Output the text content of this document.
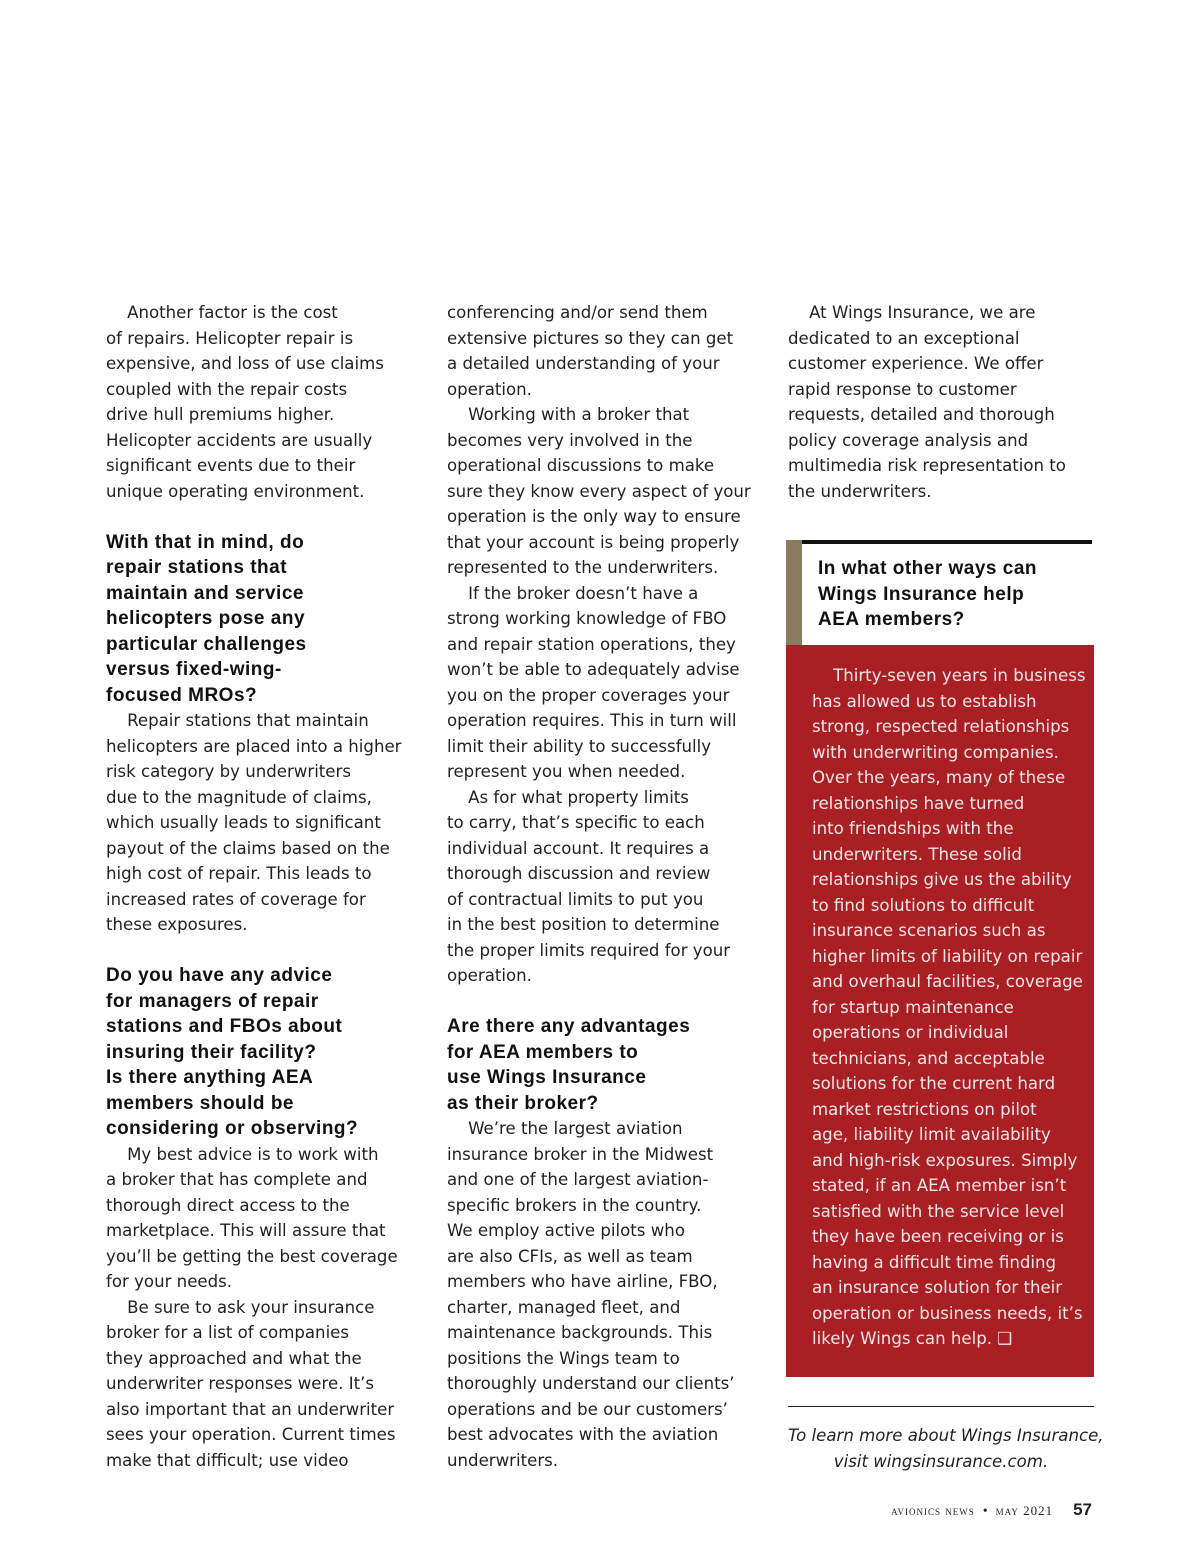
Another factor is the cost
of repairs. Helicopter repair is
expensive, and loss of use claims
coupled with the repair costs
drive hull premiums higher.
Helicopter accidents are usually
significant events due to their
unique operating environment.

With that in mind, do
repair stations that
maintain and service
helicopters pose any
particular challenges
versus fixed-wing-
focused MROs?

Repair stations that maintain
helicopters are placed into a higher
risk category by underwriters
due to the magnitude of claims,
which usually leads to significant
payout of the claims based on the
high cost of repair. This leads to
increased rates of coverage for
these exposures.

Do you have any advice
for managers of repair
stations and FBOs about
insuring their facility?
Is there anything AEA
members should be
considering or observing?

My best advice is to work with
a broker that has complete and
thorough direct access to the
marketplace. This will assure that
you’ll be getting the best coverage
for your needs.

Be sure to ask your insurance
broker for a list of companies
they approached and what the
underwriter responses were. It’s
also important that an underwriter
sees your operation. Current times
make that difficult; use video

conferencing and/or send them
extensive pictures so they can get
a detailed understanding of your
operation.

Working with a broker that
becomes very involved in the
operational discussions to make
sure they know every aspect of your
operation is the only way to ensure
that your account is being properly
represented to the underwriters.

If the broker doesn’t have a
strong working knowledge of FBO
and repair station operations, they
won’t be able to adequately advise
you on the proper coverages your
operation requires. This in turn will
limit their ability to successfully
represent you when needed.

As for what property limits
to carry, that’s specific to each
individual account. It requires a
thorough discussion and review
of contractual limits to put you
in the best position to determine
the proper limits required for your
operation.

Are there any advantages
for AEA members to
use Wings Insurance
as their broker?

We’re the largest aviation
insurance broker in the Midwest
and one of the largest aviation-
specific brokers in the country.
We employ active pilots who
are also CFIs, as well as team
members who have airline, FBO,
charter, managed fleet, and
maintenance backgrounds. This
positions the Wings team to
thoroughly understand our clients’
operations and be our customers’
best advocates with the aviation
underwriters.

At Wings Insurance, we are
dedicated to an exceptional
customer experience. We offer
rapid response to customer
requests, detailed and thorough
policy coverage analysis and
multimedia risk representation to
the underwriters.

In what other ways can
Wings Insurance help
AEA members?

Thirty-seven years in business
has allowed us to establish
strong, respected relationships
with underwriting companies.
Over the years, many of these
relationships have turned
into friendships with the
underwriters. These solid
relationships give us the ability
to find solutions to difficult
insurance scenarios such as
higher limits of liability on repair
and overhaul facilities, coverage
for startup maintenance
operations or individual
technicians, and acceptable
solutions for the current hard
market restrictions on pilot
age, liability limit availability
and high-risk exposures. Simply
stated, if an AEA member isn’t
satisfied with the service level
they have been receiving or is
having a difficult time finding
an insurance solution for their
operation or business needs, it’s
likely Wings can help. ❑

To learn more about Wings Insurance,
visit wingsinsurance.com.
avionics news • may 2021 57
